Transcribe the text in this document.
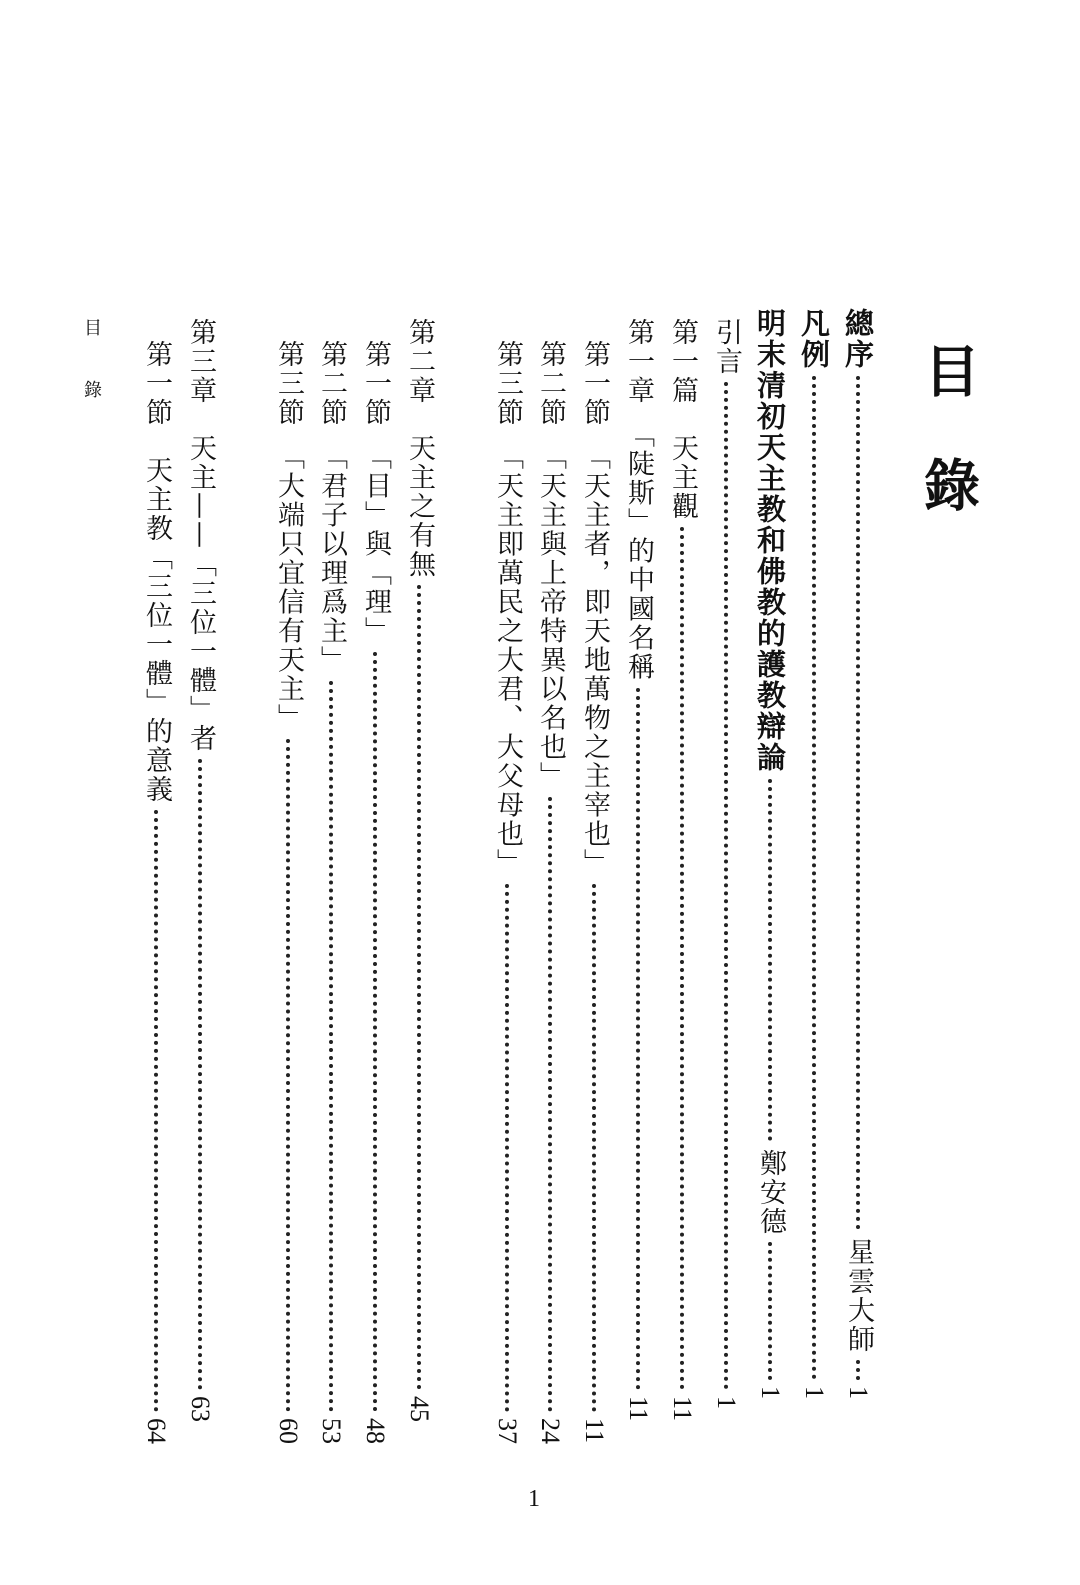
目錄
總序
星雲大師
1
凡例
1
明末清初天主教和佛教的護教辯論
鄭安德
1
引言
1
第一篇　天主觀
11
第一章　「陡斯」的中國名稱
11
第一節　「天主者，即天地萬物之主宰也」
11
第二節　「天主與上帝特異以名也」
24
第三節　「天主即萬民之大君、大父母也」
37
第二章　天主之有無
45
第一節　「目」與「理」
48
第二節　「君子以理爲主」
53
第三節　「大端只宜信有天主」
60
第三章　天主——「三位一體」者
63
第一節　天主教「三位一體」的意義
64
目錄
1
